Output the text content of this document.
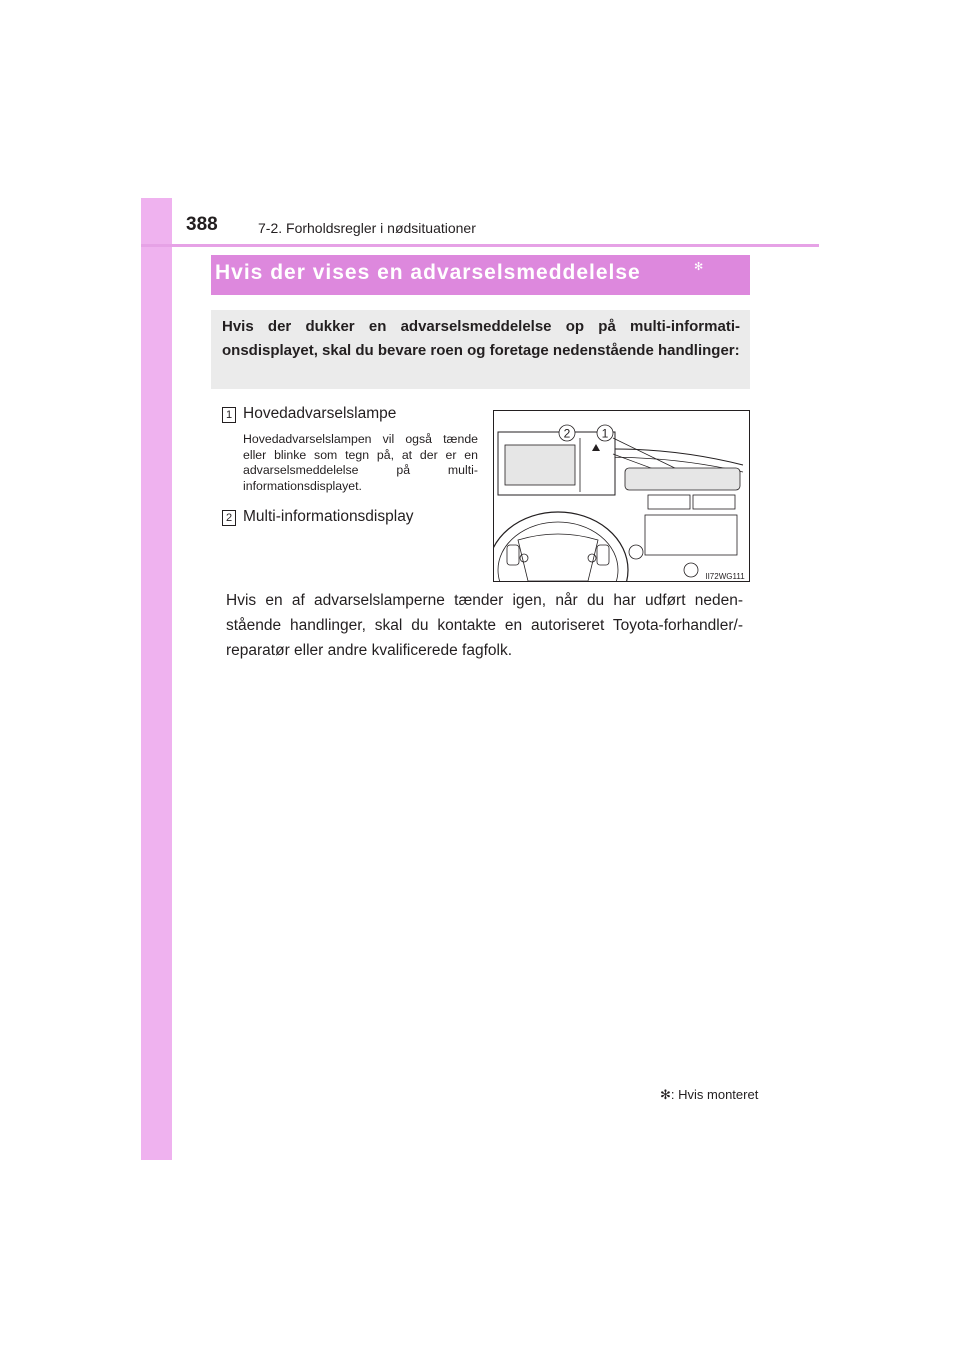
388	7-2. Forholdsregler i nødsituationer
Hvis der vises en advarselsmeddelelse	✻
Hvis der dukker en advarselsmeddelelse op på multi-informati- onsdisplayet, skal du bevare roen og foretage nedenstående handlinger:
1 Hovedadvarselslampe
Hovedadvarselslampen vil også tænde eller blinke som tegn på, at der er en advarselsmeddelelse på multi-informationsdisplayet.
2 Multi-informationsdisplay
2	1
II72WG111
Hvis en af advarselslamperne tænder igen, når du har udført neden- stående handlinger, skal du kontakte en autoriseret Toyota-forhandler/- reparatør eller andre kvalificerede fagfolk.
✻: Hvis monteret
